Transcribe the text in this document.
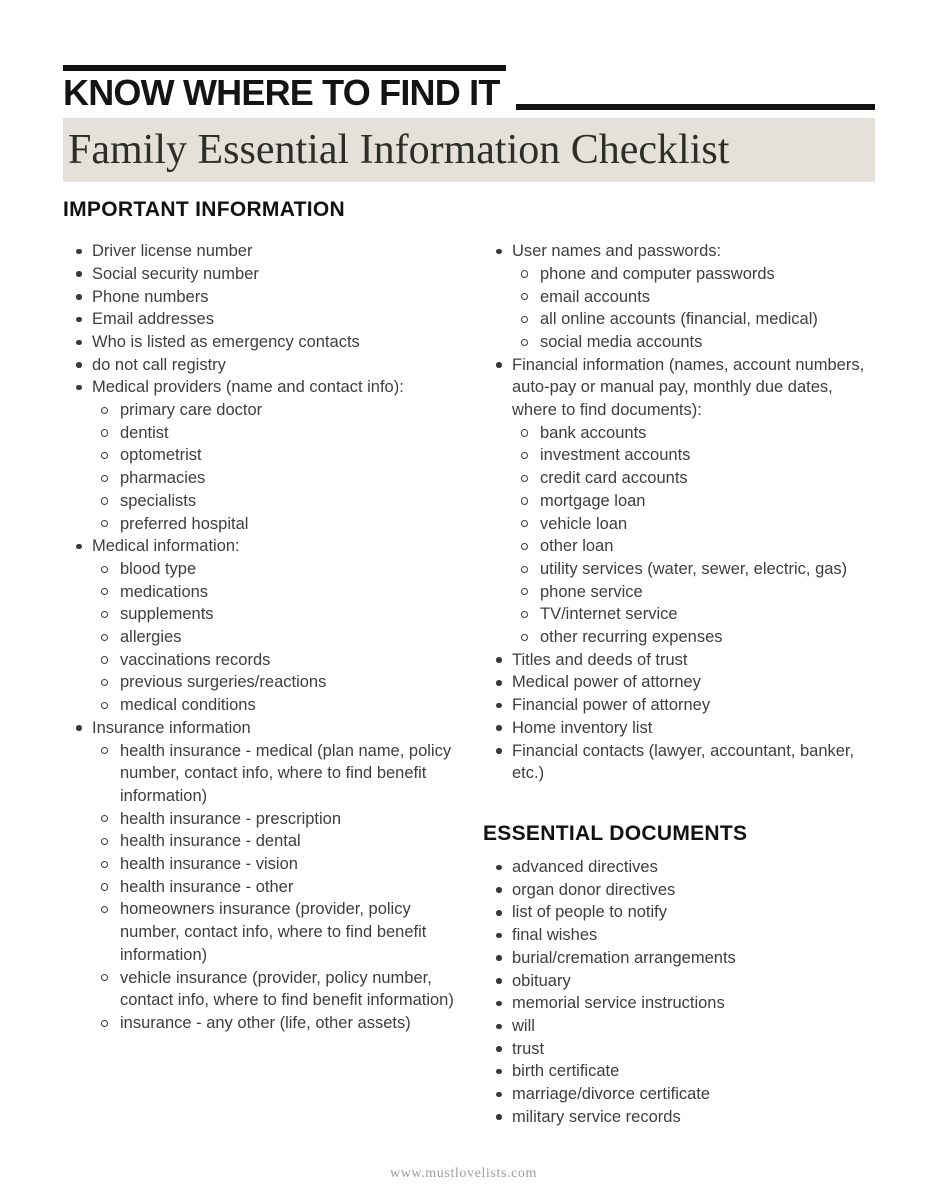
KNOW WHERE TO FIND IT
Family Essential Information Checklist
IMPORTANT INFORMATION
Driver license number
Social security number
Phone numbers
Email addresses
Who is listed as emergency contacts
do not call registry
Medical providers (name and contact info):
primary care doctor
dentist
optometrist
pharmacies
specialists
preferred hospital
Medical information:
blood type
medications
supplements
allergies
vaccinations records
previous surgeries/reactions
medical conditions
Insurance information
health insurance - medical (plan name, policy number, contact info, where to find benefit information)
health insurance - prescription
health insurance - dental
health insurance - vision
health insurance - other
homeowners insurance (provider, policy number, contact info, where to find benefit information)
vehicle insurance (provider, policy number, contact info, where to find benefit information)
insurance - any other (life, other assets)
User names and passwords:
phone and computer passwords
email accounts
all online accounts (financial, medical)
social media accounts
Financial information (names, account numbers, auto-pay or manual pay, monthly due dates, where to find documents):
bank accounts
investment accounts
credit card accounts
mortgage loan
vehicle loan
other loan
utility services (water, sewer, electric, gas)
phone service
TV/internet service
other recurring expenses
Titles and deeds of trust
Medical power of attorney
Financial power of attorney
Home inventory list
Financial contacts (lawyer, accountant, banker, etc.)
ESSENTIAL DOCUMENTS
advanced directives
organ donor directives
list of people to notify
final wishes
burial/cremation arrangements
obituary
memorial service instructions
will
trust
birth certificate
marriage/divorce certificate
military service records
www.mustlovelists.com
